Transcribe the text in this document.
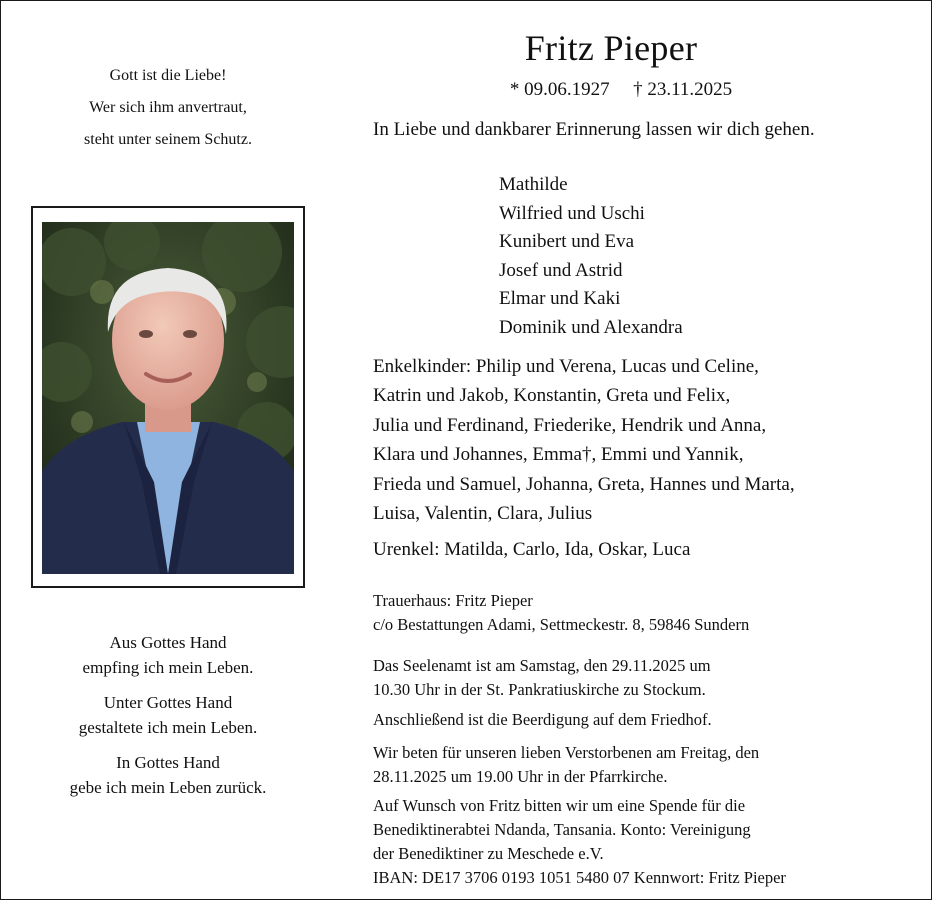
Gott ist die Liebe!
Wer sich ihm anvertraut,
steht unter seinem Schutz.
Aus Gottes Hand
empfing ich mein Leben.
Unter Gottes Hand
gestaltete ich mein Leben.
In Gottes Hand
gebe ich mein Leben zurück.
Fritz Pieper
* 09.06.1927 † 23.11.2025
In Liebe und dankbarer Erinnerung lassen wir dich gehen.
Mathilde
Wilfried und Uschi
Kunibert und Eva
Josef und Astrid
Elmar und Kaki
Dominik und Alexandra
Enkelkinder: Philip und Verena, Lucas und Celine,
Katrin und Jakob, Konstantin, Greta und Felix,
Julia und Ferdinand, Friederike, Hendrik und Anna,
Klara und Johannes, Emma†, Emmi und Yannik,
Frieda und Samuel, Johanna, Greta, Hannes und Marta,
Luisa, Valentin, Clara, Julius
Urenkel: Matilda, Carlo, Ida, Oskar, Luca
Trauerhaus: Fritz Pieper
c/o Bestattungen Adami, Settmeckestr. 8, 59846 Sundern
Das Seelenamt ist am Samstag, den 29.11.2025 um
10.30 Uhr in der St. Pankratiuskirche zu Stockum.
Anschließend ist die Beerdigung auf dem Friedhof.
Wir beten für unseren lieben Verstorbenen am Freitag, den
28.11.2025 um 19.00 Uhr in der Pfarrkirche.
Auf Wunsch von Fritz bitten wir um eine Spende für die
Benediktinerabtei Ndanda, Tansania. Konto: Vereinigung
der Benediktiner zu Meschede e.V.
IBAN: DE17 3706 0193 1051 5480 07 Kennwort: Fritz Pieper
